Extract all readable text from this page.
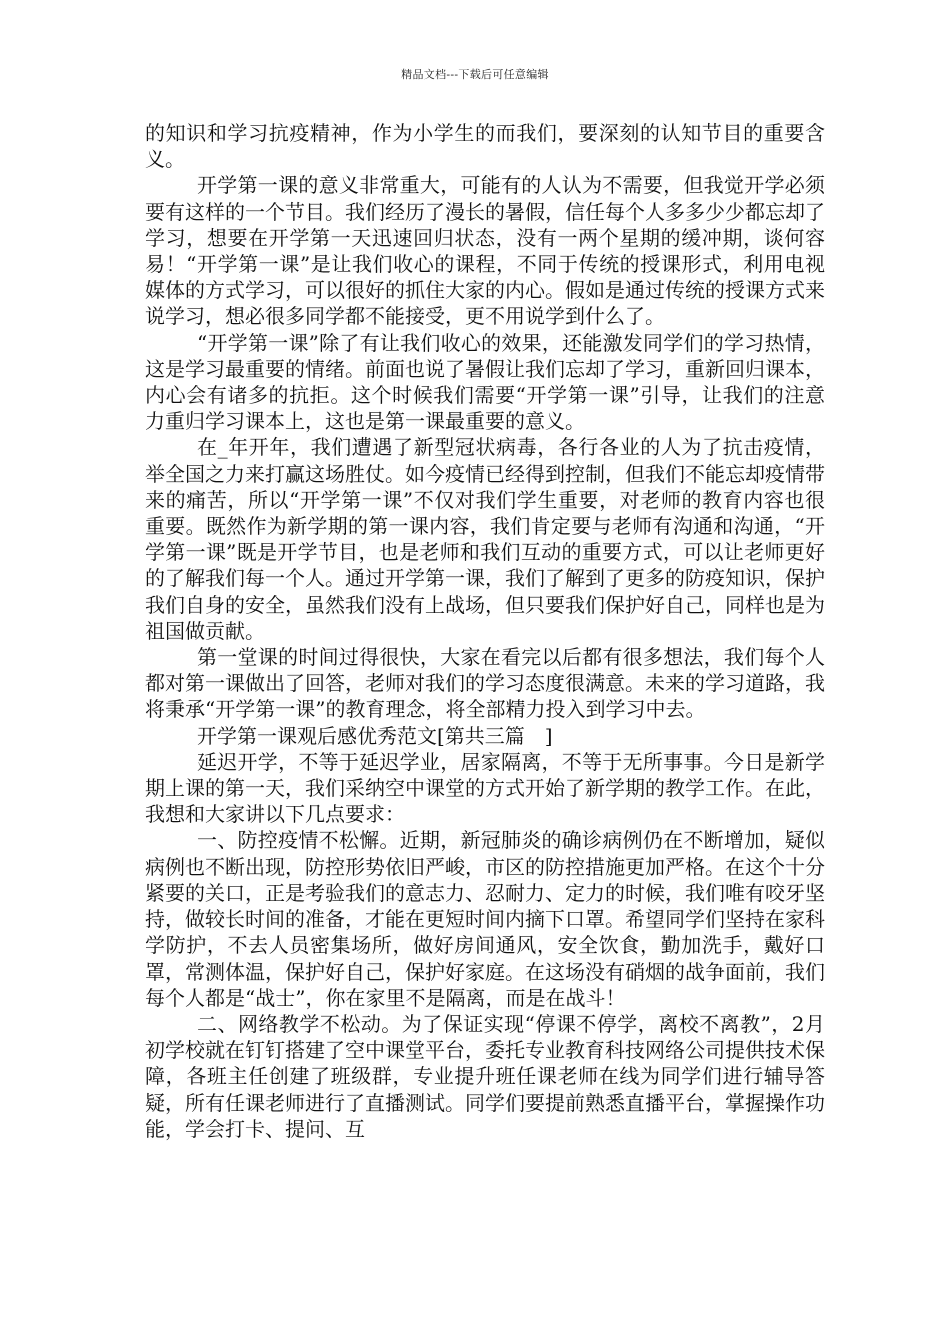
精品文档---下载后可任意编辑

的知识和学习抗疫精神，作为小学生的而我们，要深刻的认知节目的重要含义。

开学第一课的意义非常重大，可能有的人认为不需要，但我觉开学必须要有这样的一个节目。我们经历了漫长的暑假，信任每个人多多少少都忘却了学习，想要在开学第一天迅速回归状态，没有一两个星期的缓冲期，谈何容易！“开学第一课”是让我们收心的课程，不同于传统的授课形式，利用电视媒体的方式学习，可以很好的抓住大家的内心。假如是通过传统的授课方式来说学习，想必很多同学都不能接受，更不用说学到什么了。

“开学第一课”除了有让我们收心的效果，还能激发同学们的学习热情，这是学习最重要的情绪。前面也说了暑假让我们忘却了学习，重新回归课本，内心会有诸多的抗拒。这个时候我们需要“开学第一课”引导，让我们的注意力重归学习课本上，这也是第一课最重要的意义。

在_年开年，我们遭遇了新型冠状病毒，各行各业的人为了抗击疫情，举全国之力来打赢这场胜仗。如今疫情已经得到控制，但我们不能忘却疫情带来的痛苦，所以“开学第一课”不仅对我们学生重要，对老师的教育内容也很重要。既然作为新学期的第一课内容，我们肯定要与老师有沟通和沟通，“开学第一课”既是开学节目，也是老师和我们互动的重要方式，可以让老师更好的了解我们每一个人。通过开学第一课，我们了解到了更多的防疫知识，保护我们自身的安全，虽然我们没有上战场，但只要我们保护好自己，同样也是为祖国做贡献。

第一堂课的时间过得很快，大家在看完以后都有很多想法，我们每个人都对第一课做出了回答，老师对我们的学习态度很满意。未来的学习道路，我将秉承“开学第一课”的教育理念，将全部精力投入到学习中去。

开学第一课观后感优秀范文[第共三篇　]

延迟开学，不等于延迟学业，居家隔离，不等于无所事事。今日是新学期上课的第一天，我们采纳空中课堂的方式开始了新学期的教学工作。在此，我想和大家讲以下几点要求：

一、防控疫情不松懈。近期，新冠肺炎的确诊病例仍在不断增加，疑似病例也不断出现，防控形势依旧严峻，市区的防控措施更加严格。在这个十分紧要的关口，正是考验我们的意志力、忍耐力、定力的时候，我们唯有咬牙坚持，做较长时间的准备，才能在更短时间内摘下口罩。希望同学们坚持在家科学防护，不去人员密集场所，做好房间通风，安全饮食，勤加洗手，戴好口罩，常测体温，保护好自己，保护好家庭。在这场没有硝烟的战争面前，我们每个人都是“战士”，你在家里不是隔离，而是在战斗！

二、网络教学不松动。为了保证实现“停课不停学，离校不离教”，2月初学校就在钉钉搭建了空中课堂平台，委托专业教育科技网络公司提供技术保障，各班主任创建了班级群，专业提升班任课老师在线为同学们进行辅导答疑，所有任课老师进行了直播测试。同学们要提前熟悉直播平台，掌握操作功能，学会打卡、提问、互
